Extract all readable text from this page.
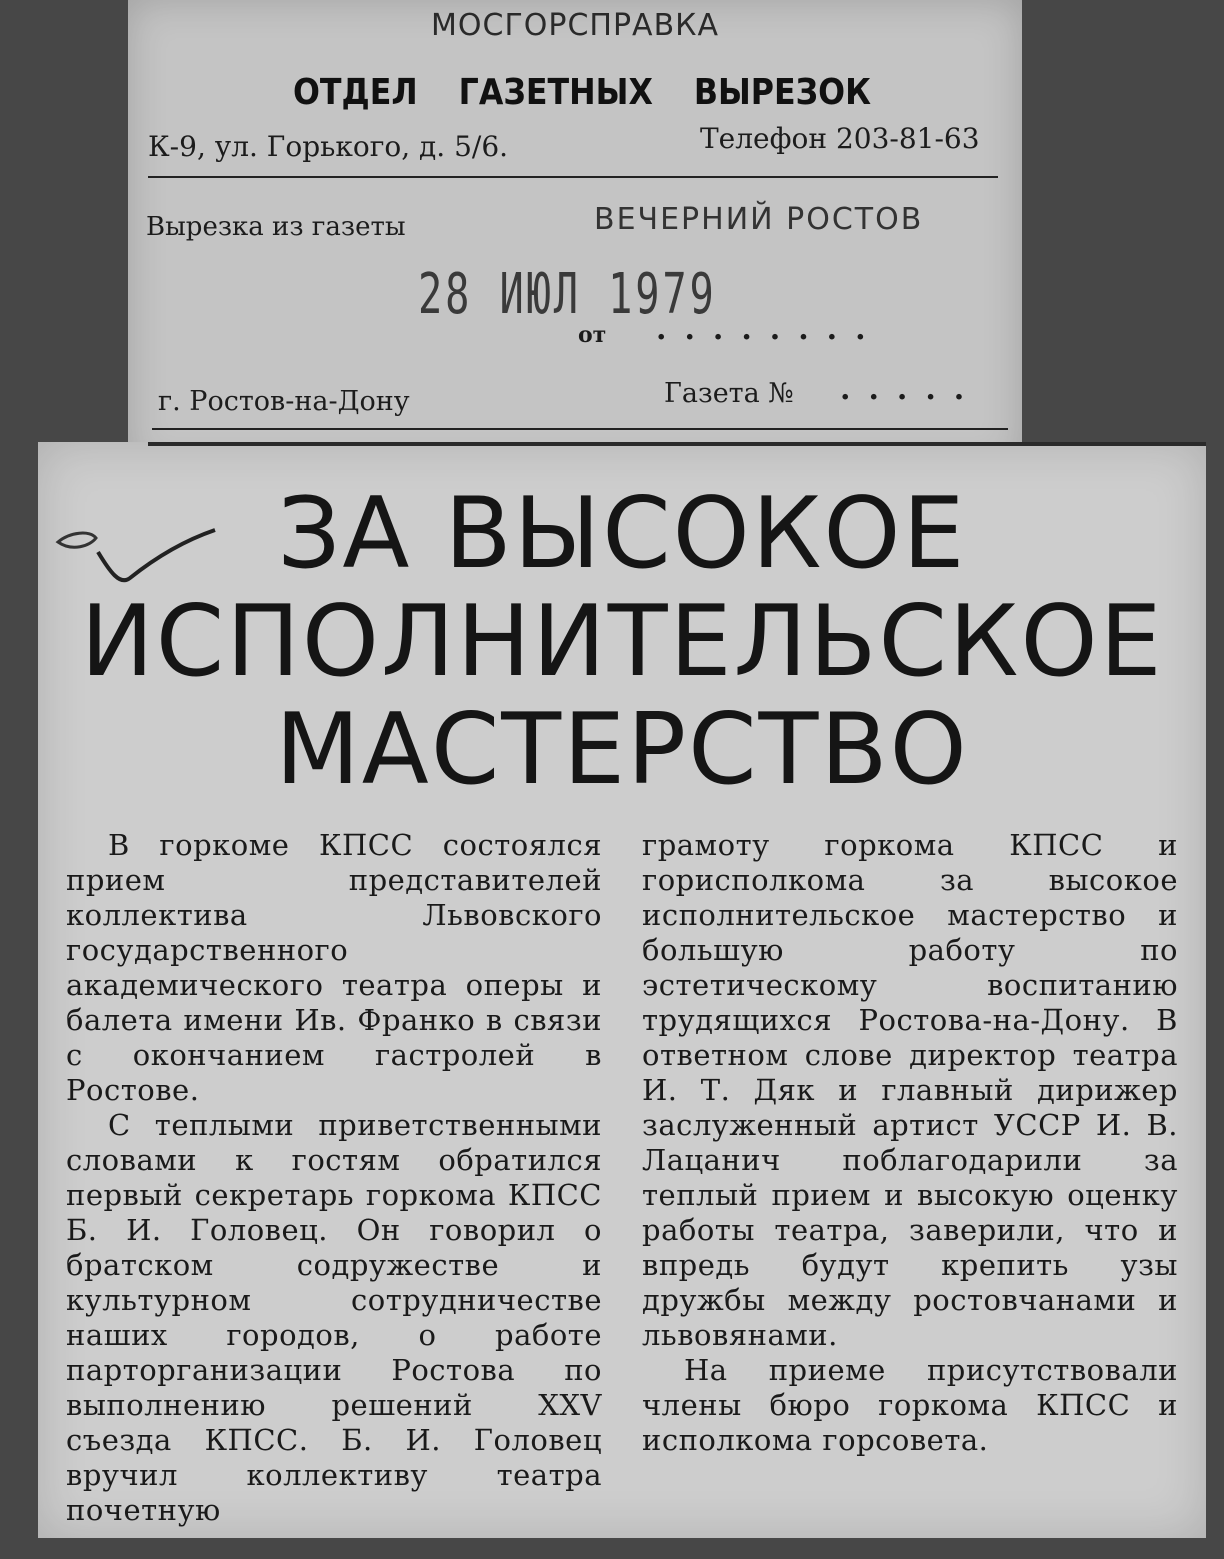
МОСГОРСПРАВКА
ОТДЕЛ ГАЗЕТНЫХ ВЫРЕЗОК
К-9, ул. Горького, д. 5/6.	Телефон 203-81-63
Вырезка из газеты	ВЕЧЕРНИЙ РОСТОВ
28 ИЮЛ 1979
от ........
г. Ростов-на-Дону	Газета № .....
ЗА ВЫСОКОЕ
ИСПОЛНИТЕЛЬСКОЕ
МАСТЕРСТВО

В горкоме КПСС состоялся прием представителей коллектива Львовского государственного академического театра оперы и балета имени Ив. Франко в связи с окончанием гастролей в Ростове.

С теплыми приветственными словами к гостям обратился первый секретарь горкома КПСС Б. И. Головец. Он говорил о братском содружестве и культурном сотрудничестве наших городов, о работе парторганизации Ростова по выполнению решений XXV съезда КПСС. Б. И. Головец вручил коллективу театра почетную

грамоту горкома КПСС и горисполкома за высокое исполнительское мастерство и большую работу по эстетическому воспитанию трудящихся Ростова-на-Дону. В ответном слове директор театра И. Т. Дяк и главный дирижер заслуженный артист УССР И. В. Лацанич поблагодарили за теплый прием и высокую оценку работы театра, заверили, что и впредь будут крепить узы дружбы между ростовчанами и львовянами.

На приеме присутствовали члены бюро горкома КПСС и исполкома горсовета.
